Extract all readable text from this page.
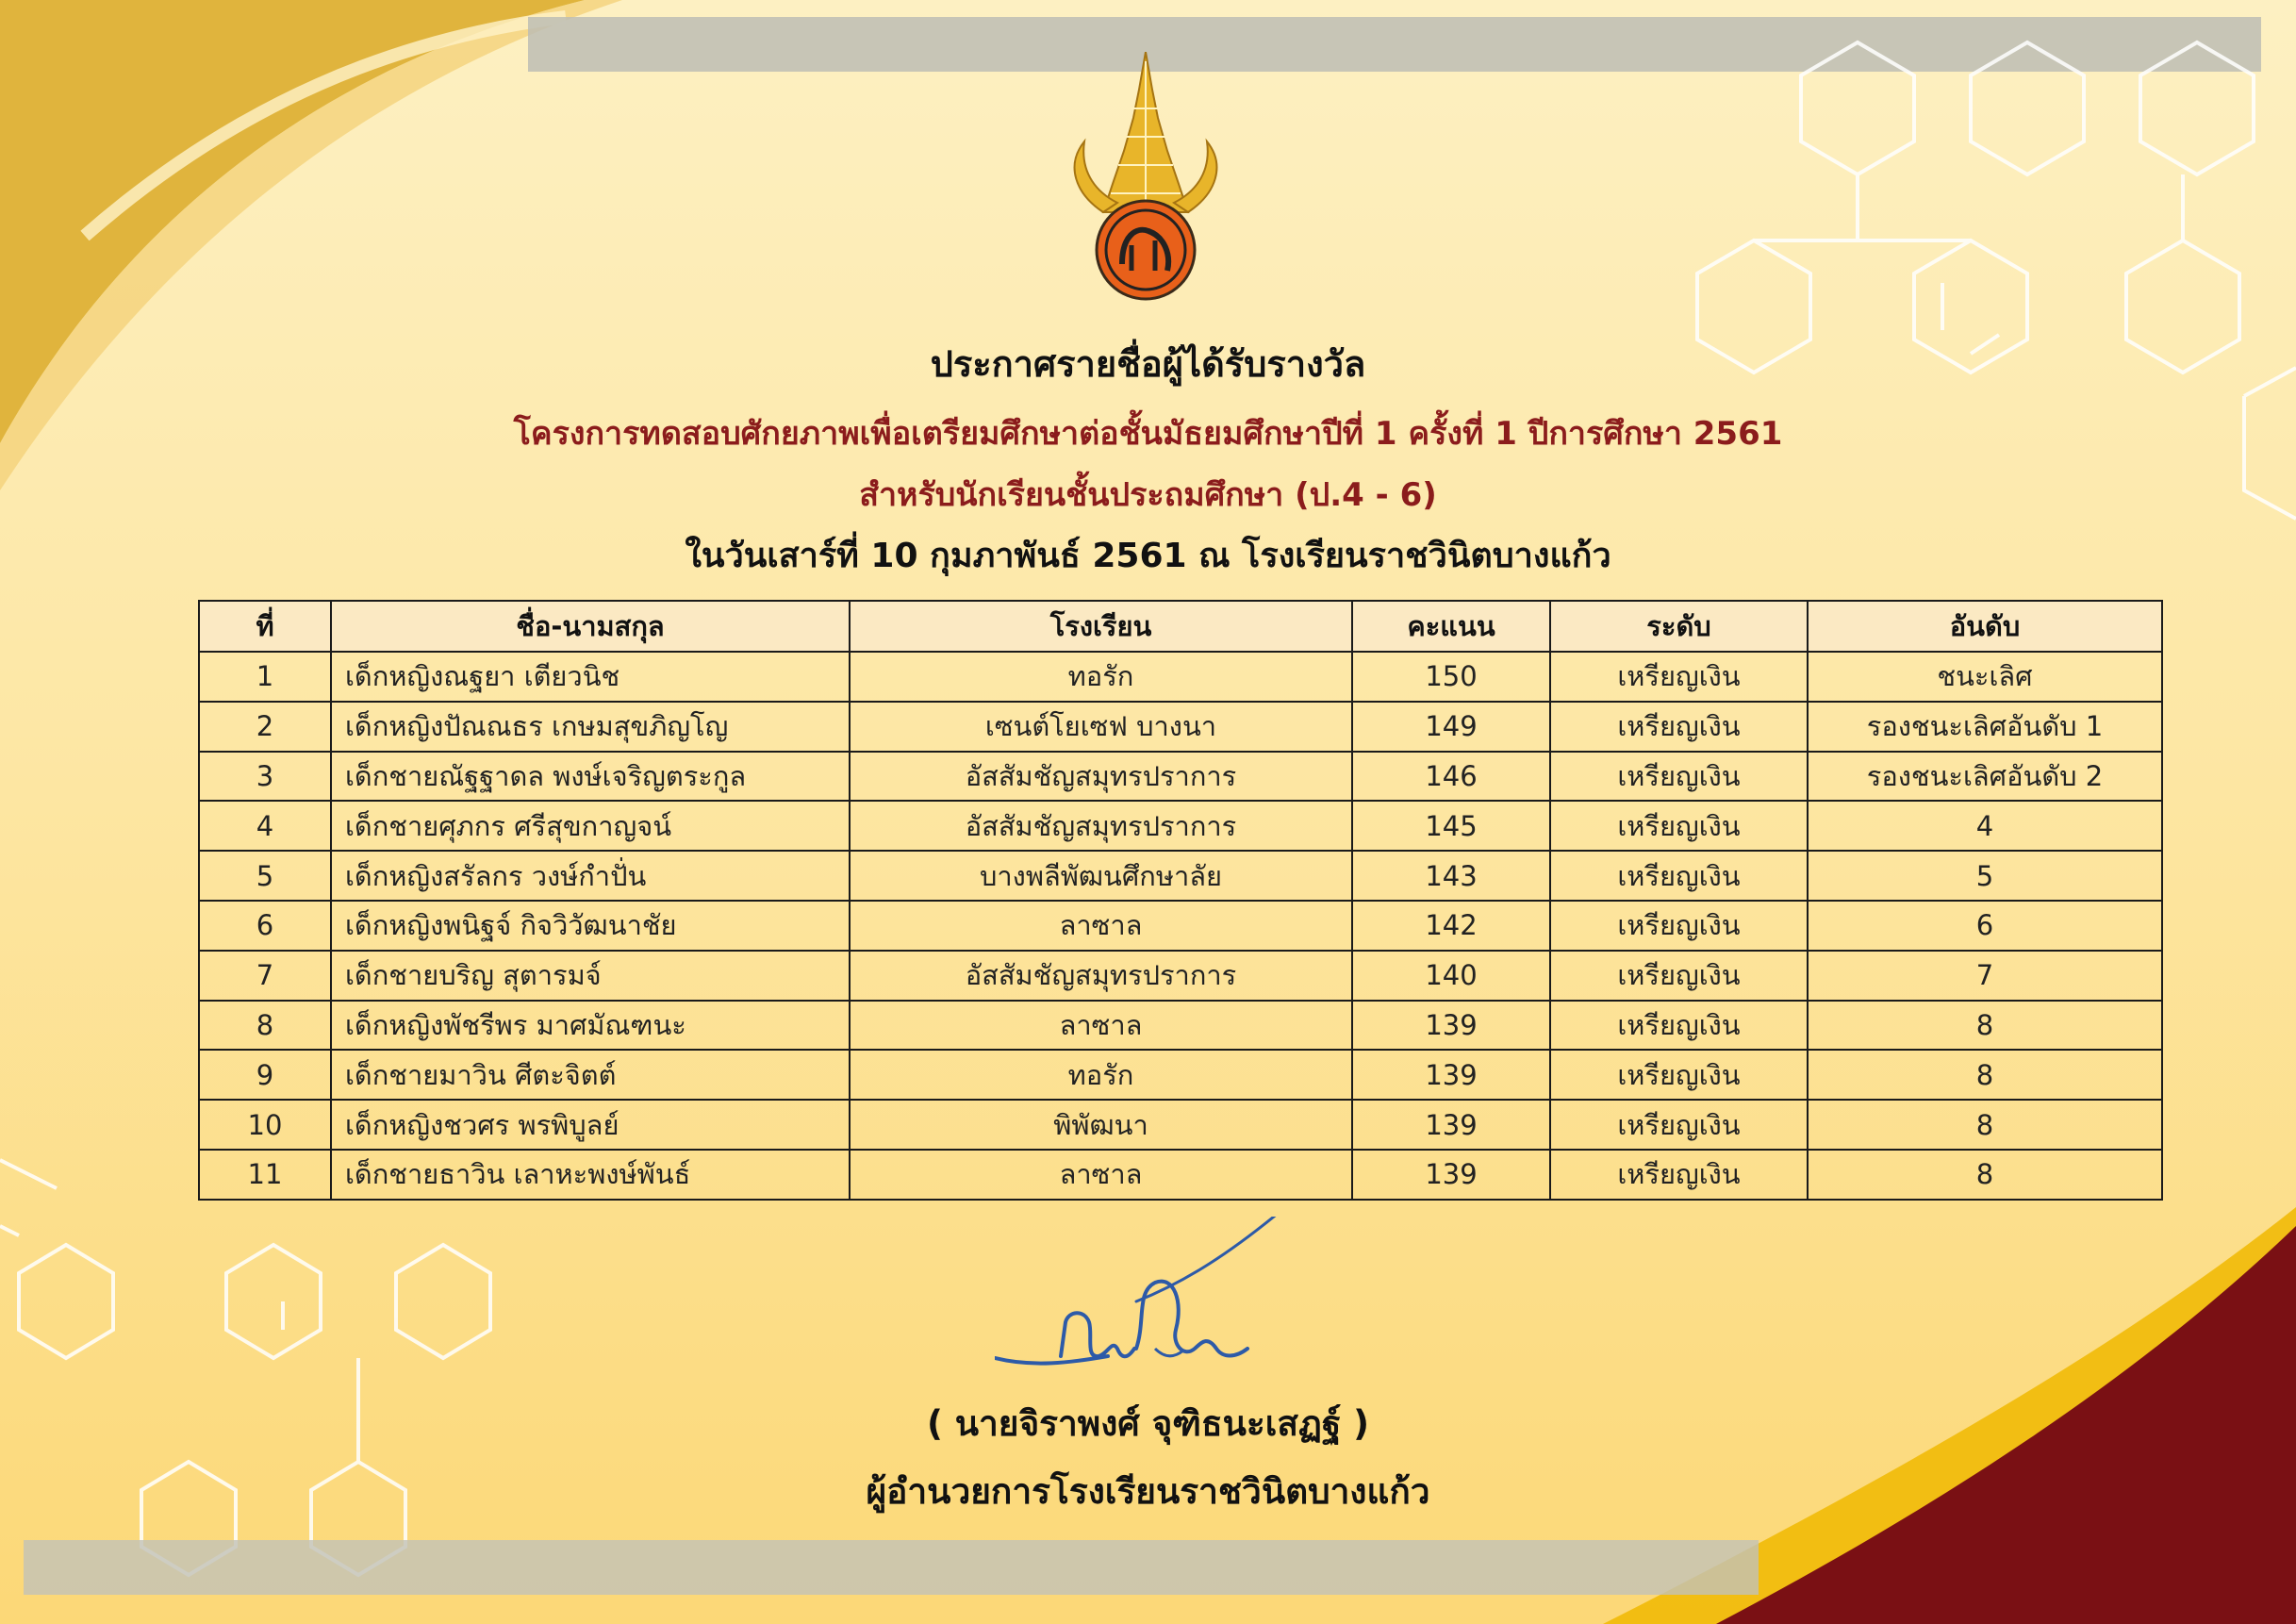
ประกาศรายชื่อผู้ได้รับรางวัล
โครงการทดสอบศักยภาพเพื่อเตรียมศึกษาต่อชั้นมัธยมศึกษาปีที่ 1 ครั้งที่ 1 ปีการศึกษา 2561
สำหรับนักเรียนชั้นประถมศึกษา (ป.4 - 6)
ในวันเสาร์ที่ 10 กุมภาพันธ์ 2561 ณ โรงเรียนราชวินิตบางแก้ว
ที่	ชื่อ-นามสกุล	โรงเรียน	คะแนน	ระดับ	อันดับ
1	เด็กหญิงณฐยา เตียวนิช	ทอรัก	150	เหรียญเงิน	ชนะเลิศ
2	เด็กหญิงปัณณธร เกษมสุขภิญโญ	เซนต์โยเซฟ บางนา	149	เหรียญเงิน	รองชนะเลิศอันดับ 1
3	เด็กชายณัฐฐาดล พงษ์เจริญตระกูล	อัสสัมชัญสมุทรปราการ	146	เหรียญเงิน	รองชนะเลิศอันดับ 2
4	เด็กชายศุภกร ศรีสุขกาญจน์	อัสสัมชัญสมุทรปราการ	145	เหรียญเงิน	4
5	เด็กหญิงสรัลกร วงษ์กำปั่น	บางพลีพัฒนศึกษาลัย	143	เหรียญเงิน	5
6	เด็กหญิงพนิฐจ์ กิจวิวัฒนาชัย	ลาซาล	142	เหรียญเงิน	6
7	เด็กชายบริญ สุตารมจ์	อัสสัมชัญสมุทรปราการ	140	เหรียญเงิน	7
8	เด็กหญิงพัชรีพร มาศมัณฑนะ	ลาซาล	139	เหรียญเงิน	8
9	เด็กชายมาวิน ศีตะจิตต์	ทอรัก	139	เหรียญเงิน	8
10	เด็กหญิงชวศร พรพิบูลย์	พิพัฒนา	139	เหรียญเงิน	8
11	เด็กชายธาวิน เลาหะพงษ์พันธ์	ลาซาล	139	เหรียญเงิน	8
( นายจิราพงศ์ จุฑิธนะเสฏฐ์ )
ผู้อำนวยการโรงเรียนราชวินิตบางแก้ว
